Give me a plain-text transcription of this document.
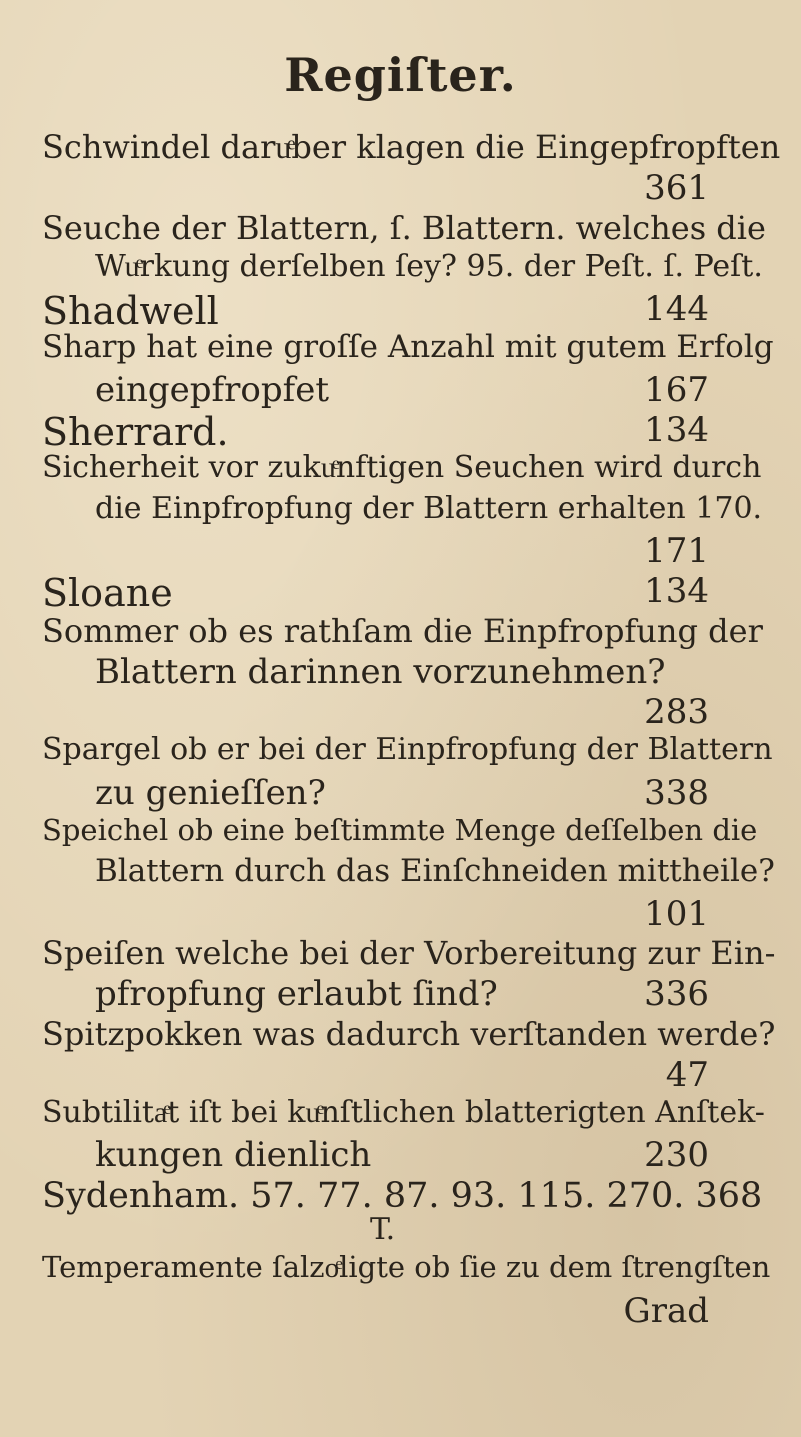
Regiſter.
Schwindel daruͤber klagen die Eingepfropften
361
Seuche der Blattern, ſ. Blattern. welches die
Wuͤrkung derſelben ſey? 95. der Peſt. ſ. Peſt.
Shadwell	144
Sharp hat eine groſſe Anzahl mit gutem Erfolg
eingepfropfet	167
Sherrard.	134
Sicherheit vor zukuͤnftigen Seuchen wird durch
die Einpfropfung der Blattern erhalten 170.
171
Sloane	134
Sommer ob es rathſam die Einpfropfung der
Blattern darinnen vorzunehmen?
283
Spargel ob er bei der Einpfropfung der Blattern
zu genieſſen?	338
Speichel ob eine beſtimmte Menge deſſelben die
Blattern durch das Einſchneiden mittheile?
101
Speiſen welche bei der Vorbereitung zur Ein-
pfropfung erlaubt ſind?	336
Spitzpokken was dadurch verſtanden werde?
47
Subtilitaͤt iſt bei kuͤnſtlichen blatterigten Anſtek-
kungen dienlich	230
Sydenham. 57. 77. 87. 93. 115. 270. 368
T.
Temperamente ſalzoͤligte ob ſie zu dem ſtrengſten
Grad
